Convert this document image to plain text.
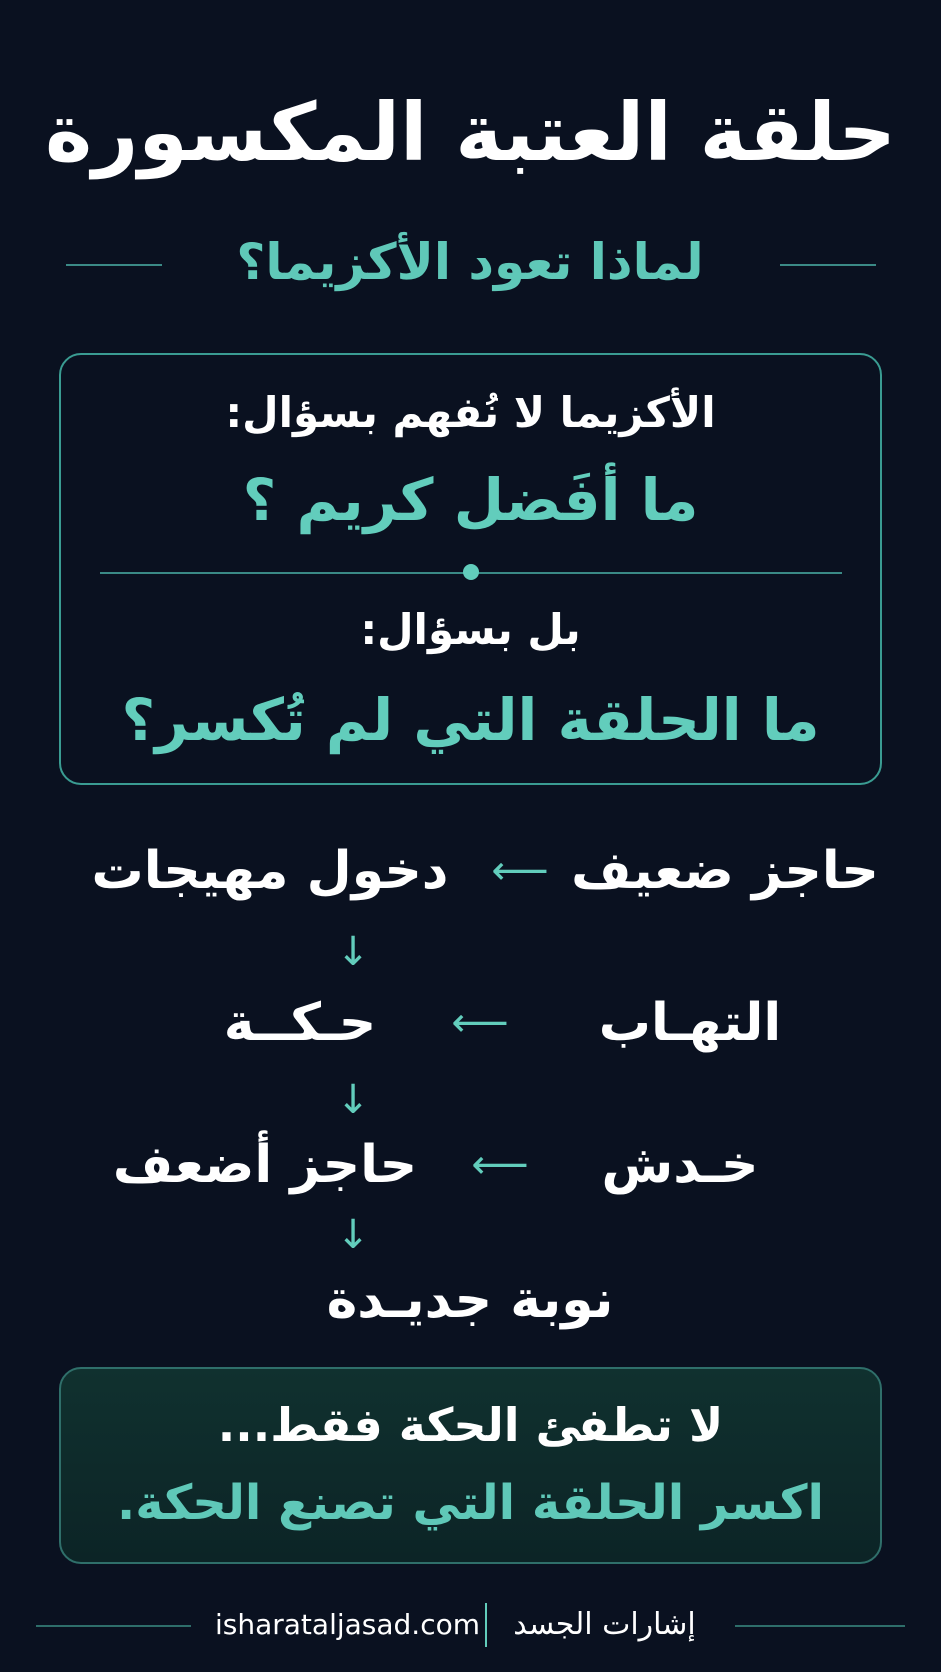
حلقة العتبة المكسورة
لماذا تعود الأكزيما؟
الأكزيما لا نُفهم بسؤال:
ما أفَضل كريم ؟
بل بسؤال:
ما الحلقة التي لم تُكسر؟
حاجز ضعيف
⟵
دخول مهيجات
↓
التهـاب
⟵
حـكــة
↓
خـدش
⟵
حاجز أضعف
↓
نوبة جديـدة
لا تطفئ الحكة فقط...
اكسر الحلقة التي تصنع الحكة.
isharataljasad.com	إشارات الجسد
